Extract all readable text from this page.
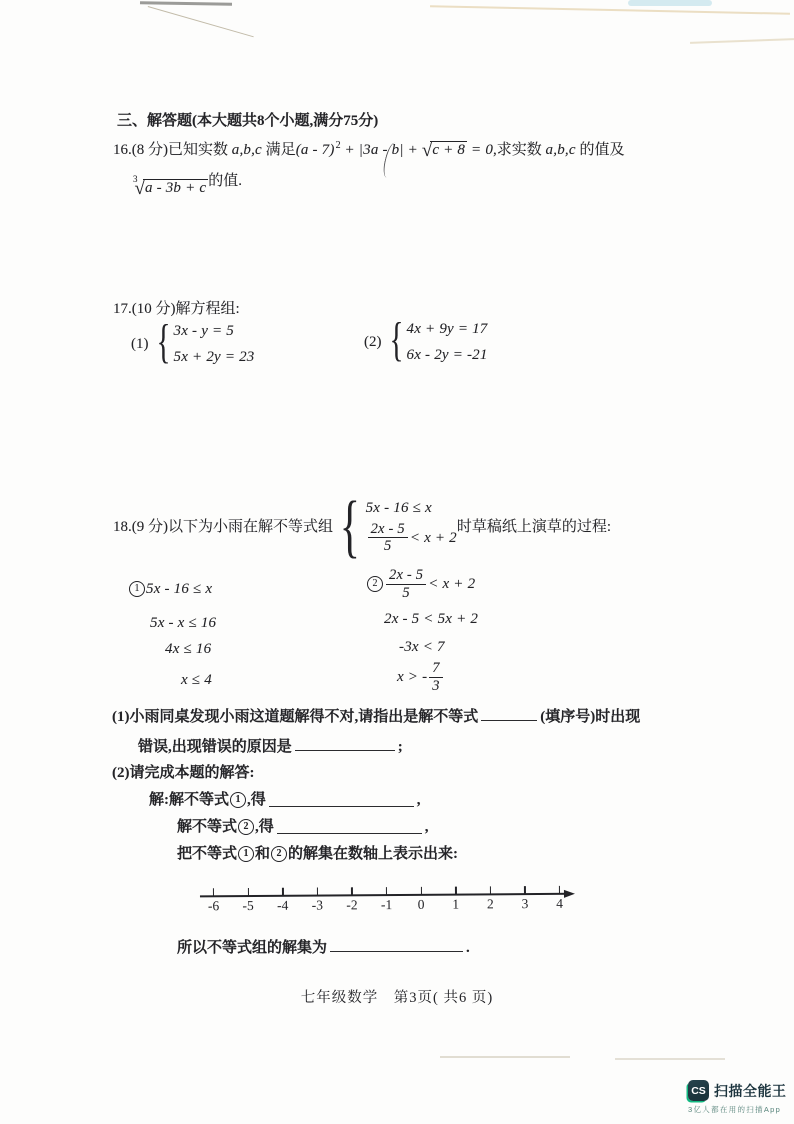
三、解答题(本大题共8个小题,满分75分)
16.(8 分)已知实数 a,b,c 满足(a - 7)$^2$ + |3a - b| + √ c + 8 = 0,求实数 a,b,c 的值及
3
√
a - 3b + c 的值.
17.(10 分)解方程组:
(1)
{
3x - y = 5
5x + 2y = 23
(2)
{
4x + 9y = 17
6x - 2y = -21
18.(9 分)以下为小雨在解不等式组
{
5x - 16 ≤ x
$\frac{2x - 5}{5} < x + 2$
时草稿纸上演草的过程:
1 5x - 16 ≤ x
5x - x ≤ 16
4x ≤ 16
x ≤ 4
$2 \frac{2x - 5}{5} < x + 2$
2x - 5 < 5x + 2
-3x < 7
x > - $\frac{7}{3}$
(1)小雨同桌发现小雨这道题解得不对,请指出是解不等式	(填序号)时出现
错误,出现错误的原因是	;
(2)请完成本题的解答:
解:解不等式 1 ,得	,
解不等式 2 ,得	,
把不等式 1 和 2 的解集在数轴上表示出来:
-6	-5	-4	-3	-2	-1	0	1	2	3	4
所以不等式组的解集为	.
七年级数学　第3页( 共6 页)
CS 扫描全能王
3亿人都在用的扫描App
